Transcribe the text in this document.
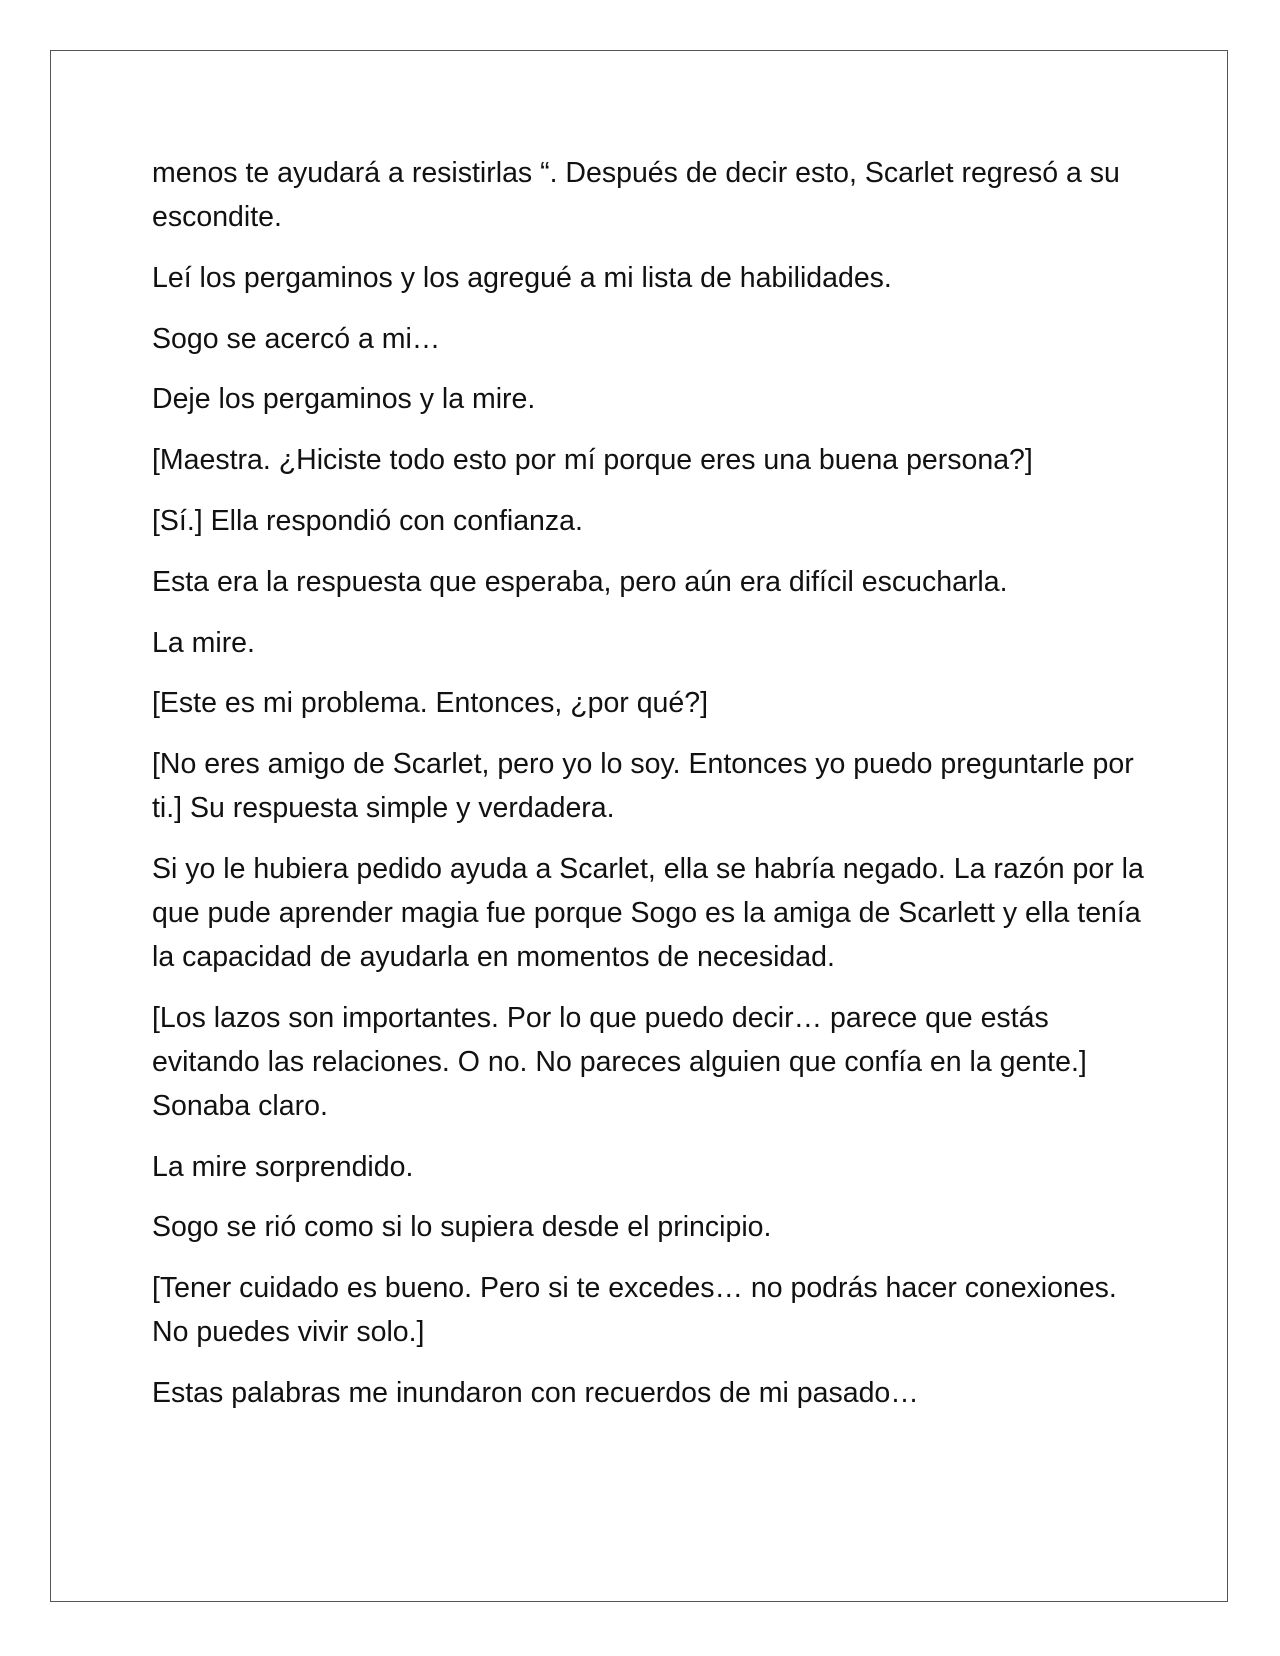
menos te ayudará a resistirlas “. Después de decir esto, Scarlet regresó a su escondite.

Leí los pergaminos y los agregué a mi lista de habilidades.

Sogo se acercó a mi…

Deje los pergaminos y la mire.

[Maestra. ¿Hiciste todo esto por mí porque eres una buena persona?]

[Sí.] Ella respondió con confianza.

Esta era la respuesta que esperaba, pero aún era difícil escucharla.

La mire.

[Este es mi problema. Entonces, ¿por qué?]

[No eres amigo de Scarlet, pero yo lo soy. Entonces yo puedo preguntarle por ti.] Su respuesta simple y verdadera.

Si yo le hubiera pedido ayuda a Scarlet, ella se habría negado. La razón por la que pude aprender magia fue porque Sogo es la amiga de Scarlett y ella tenía la capacidad de ayudarla en momentos de necesidad.

[Los lazos son importantes. Por lo que puedo decir… parece que estás evitando las relaciones. O no. No pareces alguien que confía en la gente.] Sonaba claro.

La mire sorprendido.

Sogo se rió como si lo supiera desde el principio.

[Tener cuidado es bueno. Pero si te excedes… no podrás hacer conexiones. No puedes vivir solo.]

Estas palabras me inundaron con recuerdos de mi pasado…
